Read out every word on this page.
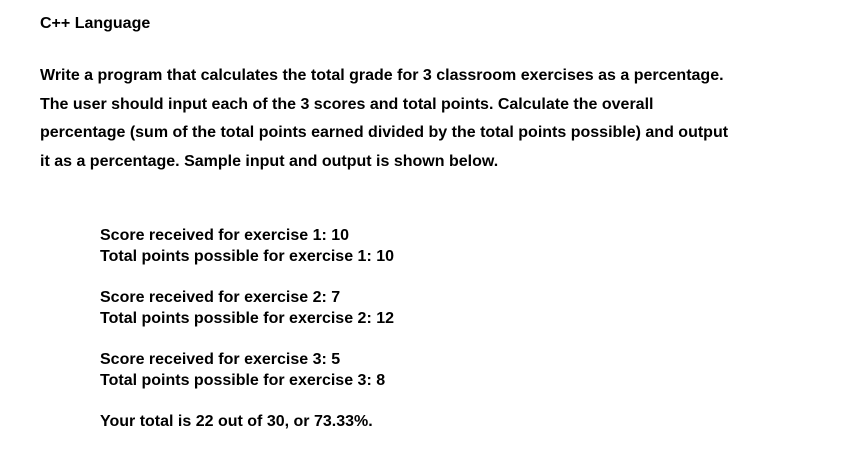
C++ Language
Write a program that calculates the total grade for 3 classroom exercises as a percentage.
The user should input each of the 3 scores and total points. Calculate the overall
percentage (sum of the total points earned divided by the total points possible) and output
it as a percentage. Sample input and output is shown below.
Score received for exercise 1: 10
Total points possible for exercise 1: 10
Score received for exercise 2: 7
Total points possible for exercise 2: 12
Score received for exercise 3: 5
Total points possible for exercise 3: 8
Your total is 22 out of 30, or 73.33%.
